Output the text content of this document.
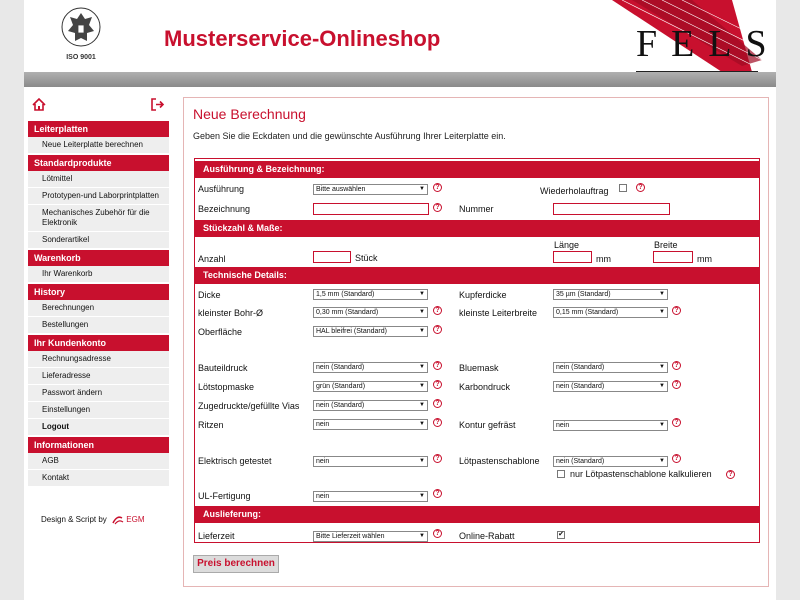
ISO 9001
Musterservice-Onlineshop	FELS
Leiterplatten
Neue Leiterplatte berechnen
Standardprodukte
Lötmittel
Prototypen-und Laborprintplatten
Mechanisches Zubehör für die Elektronik
Sonderartikel
Warenkorb
Ihr Warenkorb
History
Berechnungen
Bestellungen
Ihr Kundenkonto
Rechnungsadresse
Lieferadresse
Passwort ändern
Einstellungen
Logout
Informationen
AGB
Kontakt
Design & Script by EGM
Neue Berechnung
Geben Sie die Eckdaten und die gewünschte Ausführung Ihrer Leiterplatte ein.
Ausführung & Bezeichnung:
Ausführung	Bitte auswählen ▼	?	Wiederholauftrag	?
Bezeichnung	? Nummer
Stückzahl & Maße:
Länge	Breite
Anzahl	Stück	mm	mm
Technische Details:
Dicke	1,5 mm (Standard) ▼	Kupferdicke	35 µm (Standard) ▼
kleinster Bohr-Ø	0,30 mm (Standard) ▼	? kleinste Leiterbreite	0,15 mm (Standard) ▼	?
Oberfläche	HAL bleifrei (Standard) ▼	?
Bauteildruck	nein (Standard) ▼	? Bluemask	nein (Standard) ▼	?
Lötstopmaske	grün (Standard) ▼	? Karbondruck	nein (Standard) ▼	?
Zugedruckte/gefüllte Vias	nein (Standard) ▼	?
Ritzen	nein ▼	? Kontur gefräst	nein ▼	?
Elektrisch getestet	nein ▼	? Lötpastenschablone	nein (Standard) ▼	?
nur Lötpastenschablone kalkulieren	?
UL-Fertigung	nein ▼	?
Auslieferung:
Lieferzeit	Bitte Lieferzeit wählen ▼	? Online-Rabatt	✔
Preis berechnen
